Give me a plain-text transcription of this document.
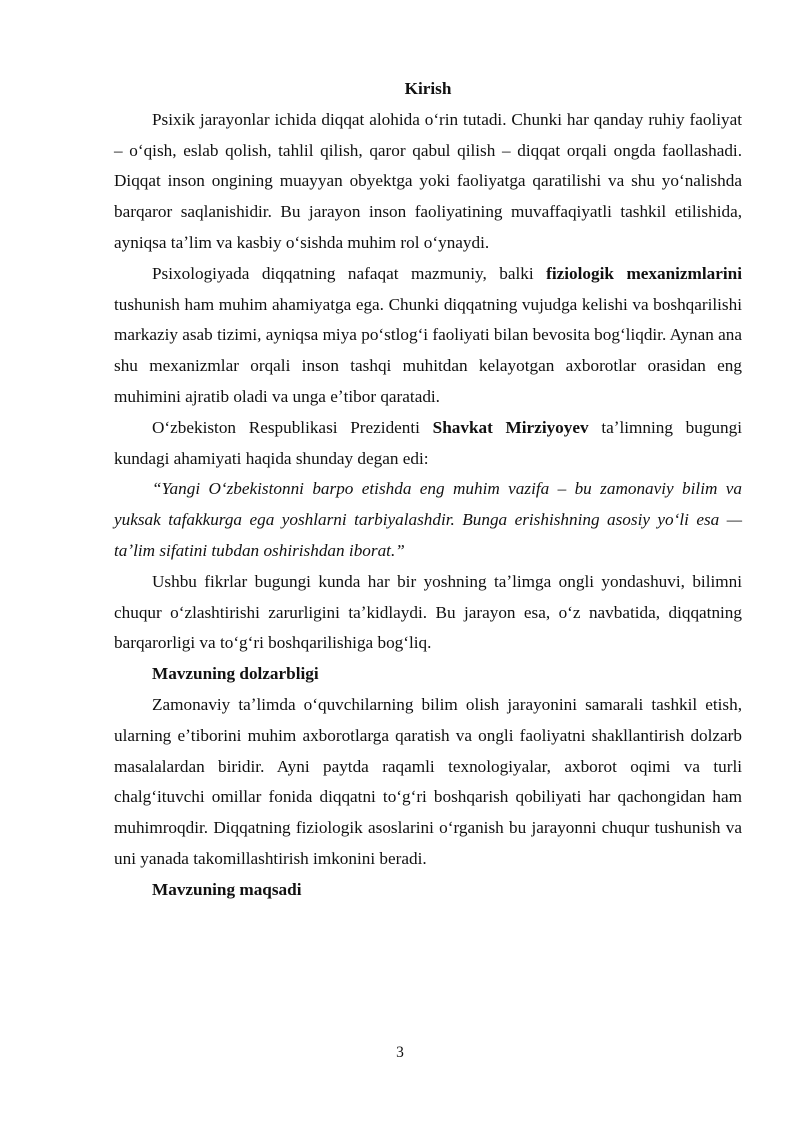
Kirish

Psixik jarayonlar ichida diqqat alohida oʻrin tutadi. Chunki har qanday ruhiy faoliyat – oʻqish, eslab qolish, tahlil qilish, qaror qabul qilish – diqqat orqali ongda faollashadi. Diqqat inson ongining muayyan obyektga yoki faoliyatga qaratilishi va shu yoʻnalishda barqaror saqlanishidir. Bu jarayon inson faoliyatining muvaffaqiyatli tashkil etilishida, ayniqsa taʼlim va kasbiy oʻsishda muhim rol oʻynaydi.

Psixologiyada diqqatning nafaqat mazmuniy, balki fiziologik mexanizmlarini tushunish ham muhim ahamiyatga ega. Chunki diqqatning vujudga kelishi va boshqarilishi markaziy asab tizimi, ayniqsa miya poʻstlogʻi faoliyati bilan bevosita bogʻliqdir. Aynan ana shu mexanizmlar orqali inson tashqi muhitdan kelayotgan axborotlar orasidan eng muhimini ajratib oladi va unga eʼtibor qaratadi.

Oʻzbekiston Respublikasi Prezidenti Shavkat Mirziyoyev taʼlimning bugungi kundagi ahamiyati haqida shunday degan edi:

“Yangi Oʻzbekistonni barpo etishda eng muhim vazifa – bu zamonaviy bilim va yuksak tafakkurga ega yoshlarni tarbiyalashdir. Bunga erishishning asosiy yoʻli esa — taʼlim sifatini tubdan oshirishdan iborat.”

Ushbu fikrlar bugungi kunda har bir yoshning taʼlimga ongli yondashuvi, bilimni chuqur oʻzlashtirishi zarurligini taʼkidlaydi. Bu jarayon esa, oʻz navbatida, diqqatning barqarorligi va toʻgʻri boshqarilishiga bogʻliq.

Mavzuning dolzarbligi

Zamonaviy taʼlimda oʻquvchilarning bilim olish jarayonini samarali tashkil etish, ularning eʼtiborini muhim axborotlarga qaratish va ongli faoliyatni shakllantirish dolzarb masalalardan biridir. Ayni paytda raqamli texnologiyalar, axborot oqimi va turli chalgʻituvchi omillar fonida diqqatni toʻgʻri boshqarish qobiliyati har qachongidan ham muhimroqdir. Diqqatning fiziologik asoslarini oʻrganish bu jarayonni chuqur tushunish va uni yanada takomillashtirish imkonini beradi.

Mavzuning maqsadi

3
